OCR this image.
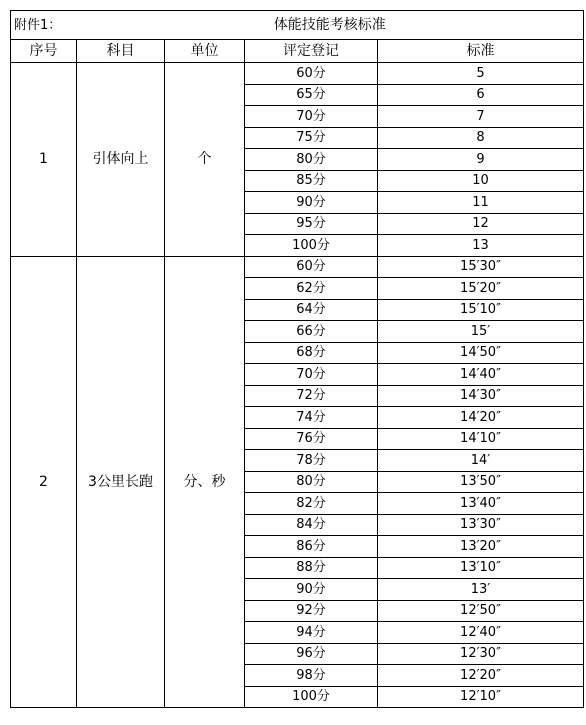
附件1：	体能技能考核标准			
序号	科目	单位	评定登记	标准
1	引体向上	个	60分	5
			65分	6
			70分	7
			75分	8
			80分	9
			85分	10
			90分	11
			95分	12
			100分	13
2	3公里长跑	分、秒	60分	15′30″
			62分	15′20″
			64分	15′10″
			66分	15′
			68分	14′50″
			70分	14′40″
			72分	14′30″
			74分	14′20″
			76分	14′10″
			78分	14′
			80分	13′50″
			82分	13′40″
			84分	13′30″
			86分	13′20″
			88分	13′10″
			90分	13′
			92分	12′50″
			94分	12′40″
			96分	12′30″
			98分	12′20″
			100分	12′10″
